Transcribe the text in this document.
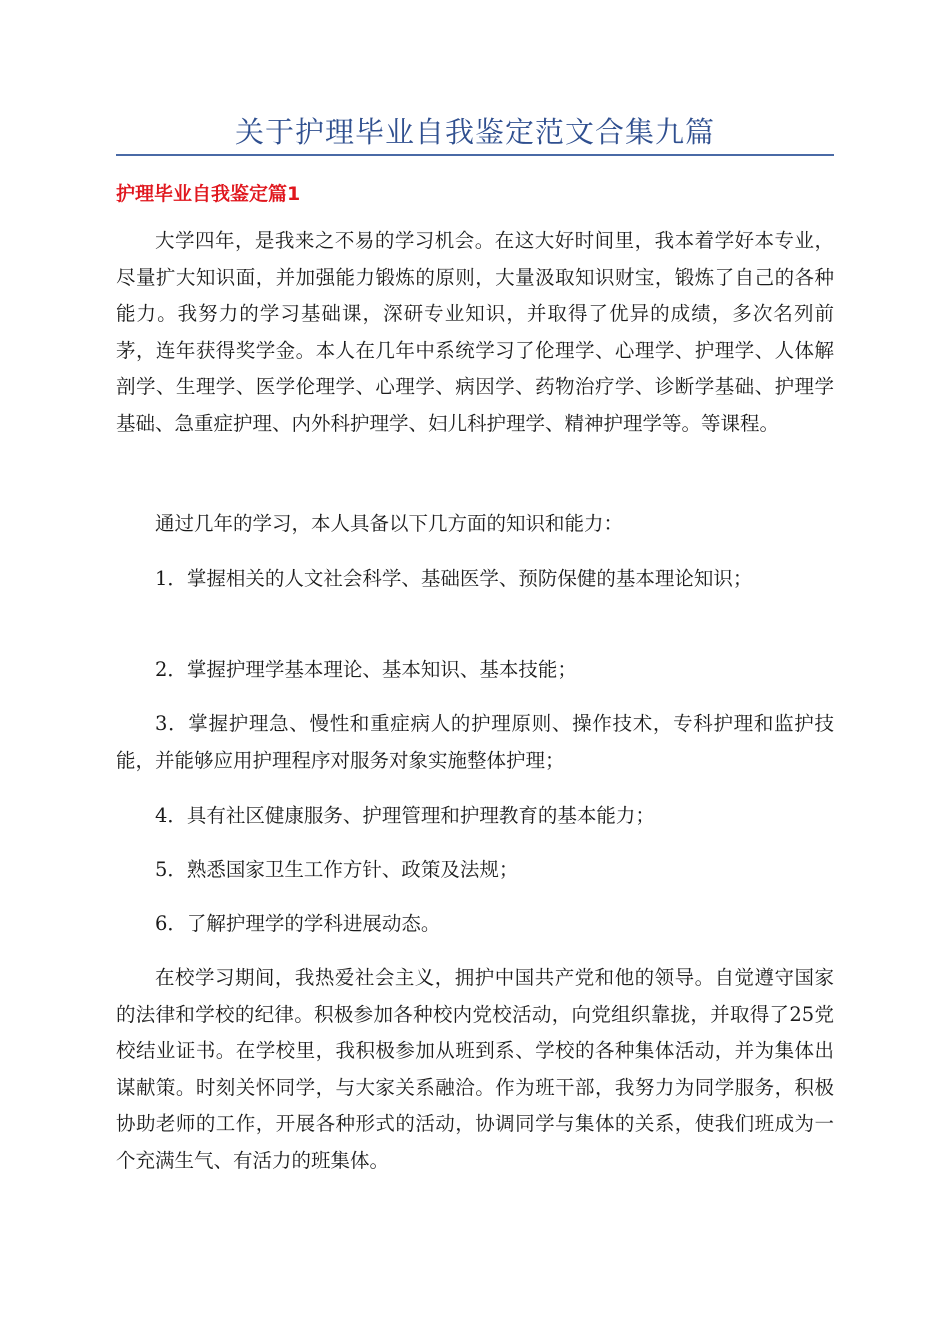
关于护理毕业自我鉴定范文合集九篇
护理毕业自我鉴定篇1

大学四年，是我来之不易的学习机会。在这大好时间里，我本着学好本专业，尽量扩大知识面，并加强能力锻炼的原则，大量汲取知识财宝，锻炼了自己的各种能力。我努力的学习基础课，深研专业知识，并取得了优异的成绩，多次名列前茅，连年获得奖学金。本人在几年中系统学习了伦理学、心理学、护理学、人体解剖学、生理学、医学伦理学、心理学、病因学、药物治疗学、诊断学基础、护理学基础、急重症护理、内外科护理学、妇儿科护理学、精神护理学等。等课程。

通过几年的学习，本人具备以下几方面的知识和能力：

1．掌握相关的人文社会科学、基础医学、预防保健的基本理论知识；

2．掌握护理学基本理论、基本知识、基本技能；

3．掌握护理急、慢性和重症病人的护理原则、操作技术，专科护理和监护技能，并能够应用护理程序对服务对象实施整体护理；

4．具有社区健康服务、护理管理和护理教育的基本能力；

5．熟悉国家卫生工作方针、政策及法规；

6．了解护理学的学科进展动态。

在校学习期间，我热爱社会主义，拥护中国共产党和他的领导。自觉遵守国家的法律和学校的纪律。积极参加各种校内党校活动，向党组织靠拢，并取得了25党校结业证书。在学校里，我积极参加从班到系、学校的各种集体活动，并为集体出谋献策。时刻关怀同学，与大家关系融洽。作为班干部，我努力为同学服务，积极协助老师的工作，开展各种形式的活动，协调同学与集体的关系，使我们班成为一个充满生气、有活力的班集体。
